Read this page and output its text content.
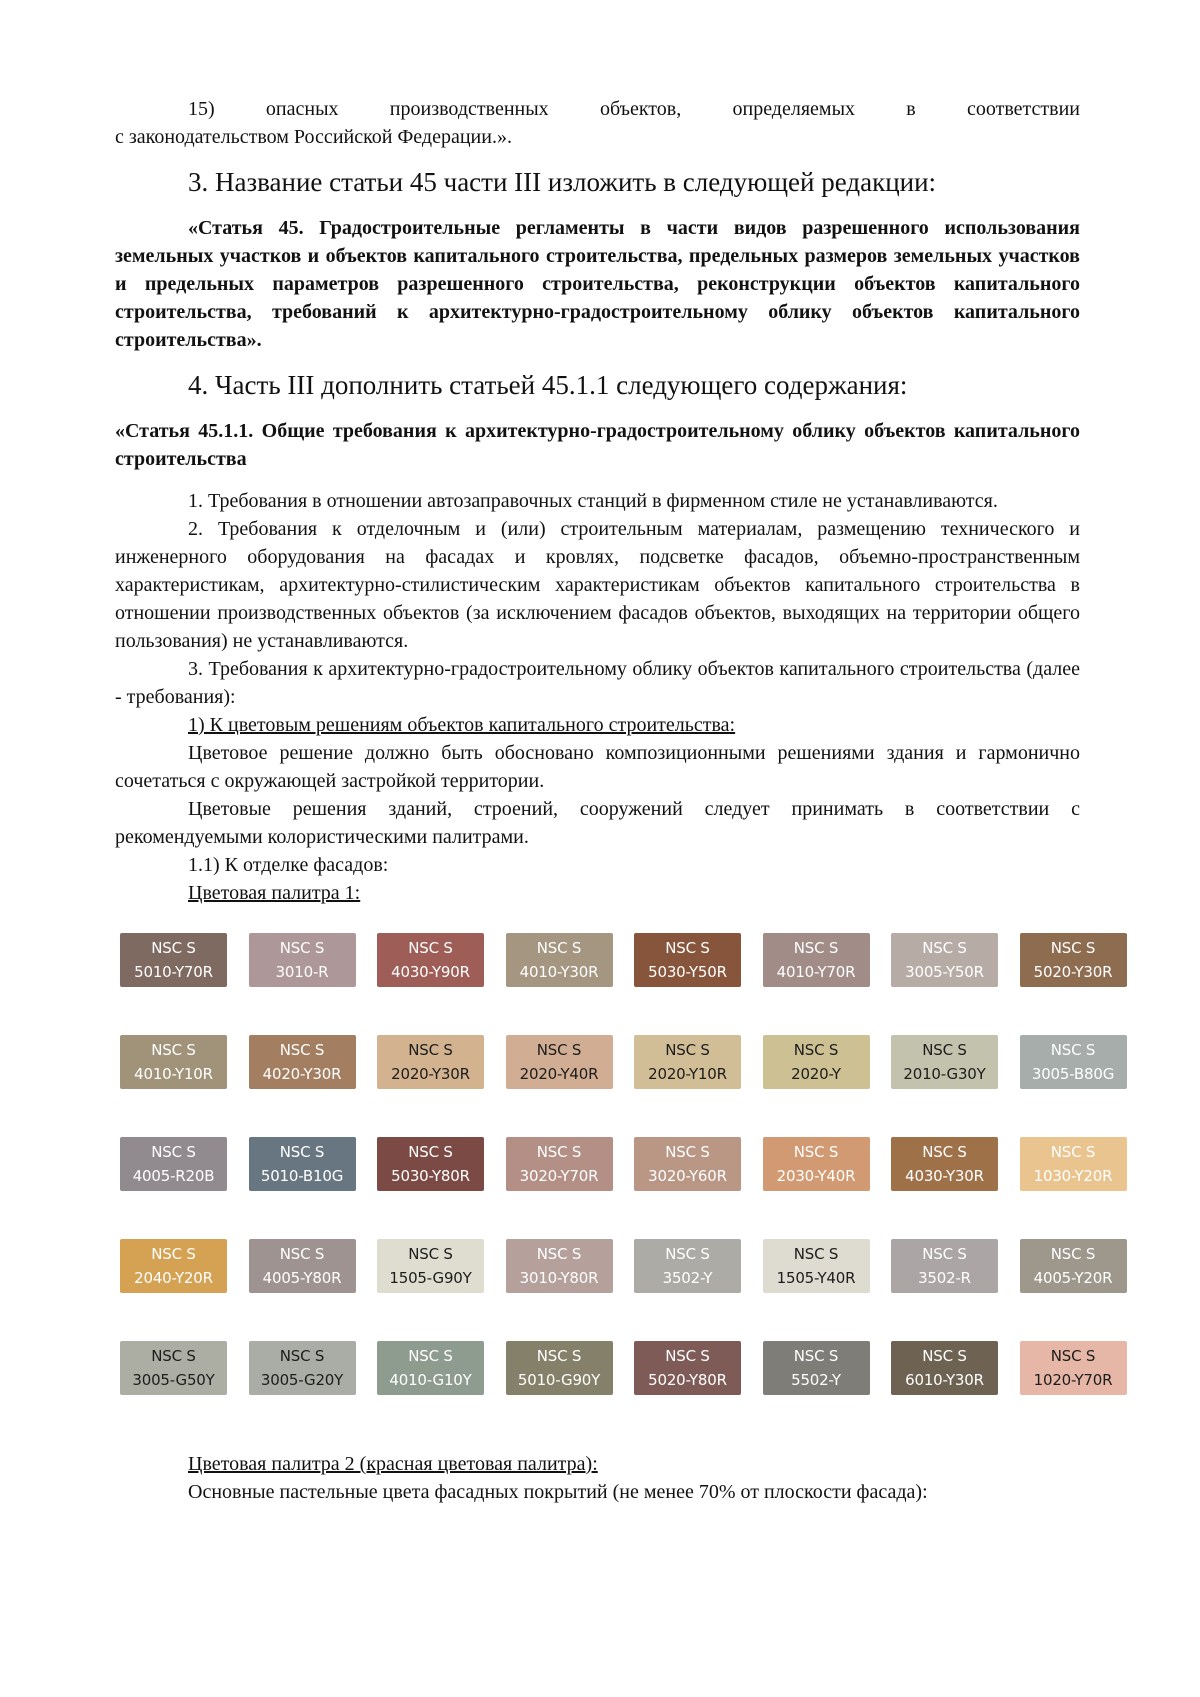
15) опасных производственных объектов, определяемых в соответствии

с законодательством Российской Федерации.».

3. Название статьи 45 части III изложить в следующей редакции:

«Статья 45. Градостроительные регламенты в части видов разрешенного использования земельных участков и объектов капитального строительства, предельных размеров земельных участков и предельных параметров разрешенного строительства, реконструкции объектов капитального строительства, требований к архитектурно-градостроительному облику объектов капитального строительства».

4. Часть III дополнить статьей 45.1.1 следующего содержания:

«Статья 45.1.1. Общие требования к архитектурно-градостроительному облику объектов капитального строительства

1. Требования в отношении автозаправочных станций в фирменном стиле не устанавливаются.

2. Требования к отделочным и (или) строительным материалам, размещению технического и инженерного оборудования на фасадах и кровлях, подсветке фасадов, объемно-пространственным характеристикам, архитектурно-стилистическим характеристикам объектов капитального строительства в отношении производственных объектов (за исключением фасадов объектов, выходящих на территории общего пользования) не устанавливаются.

3. Требования к архитектурно-градостроительному облику объектов капитального строительства (далее - требования):

1) К цветовым решениям объектов капитального строительства:

Цветовое решение должно быть обосновано композиционными решениями здания и гармонично сочетаться с окружающей застройкой территории.

Цветовые решения зданий, строений, сооружений следует принимать в соответствии с рекомендуемыми колористическими палитрами.

1.1) К отделке фасадов:

Цветовая палитра 1:

NSC S
5010-Y70R
NSC S
3010-R
NSC S
4030-Y90R
NSC S
4010-Y30R
NSC S
5030-Y50R
NSC S
4010-Y70R
NSC S
3005-Y50R
NSC S
5020-Y30R
NSC S
4010-Y10R
NSC S
4020-Y30R
NSC S
2020-Y30R
NSC S
2020-Y40R
NSC S
2020-Y10R
NSC S
2020-Y
NSC S
2010-G30Y
NSC S
3005-B80G
NSC S
4005-R20B
NSC S
5010-B10G
NSC S
5030-Y80R
NSC S
3020-Y70R
NSC S
3020-Y60R
NSC S
2030-Y40R
NSC S
4030-Y30R
NSC S
1030-Y20R
NSC S
2040-Y20R
NSC S
4005-Y80R
NSC S
1505-G90Y
NSC S
3010-Y80R
NSC S
3502-Y
NSC S
1505-Y40R
NSC S
3502-R
NSC S
4005-Y20R
NSC S
3005-G50Y
NSC S
3005-G20Y
NSC S
4010-G10Y
NSC S
5010-G90Y
NSC S
5020-Y80R
NSC S
5502-Y
NSC S
6010-Y30R
NSC S
1020-Y70R

Цветовая палитра 2 (красная цветовая палитра):

Основные пастельные цвета фасадных покрытий (не менее 70% от плоскости фасада):
